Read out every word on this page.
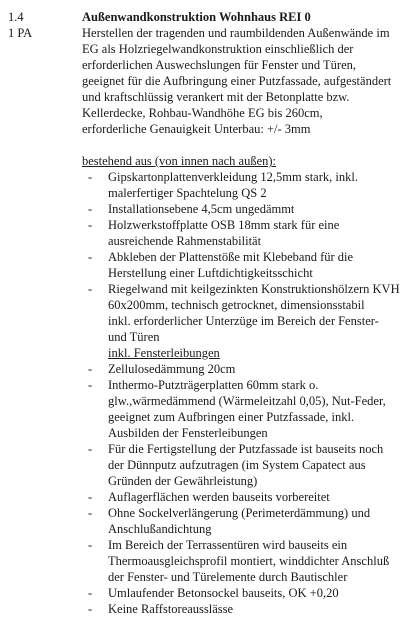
1.4
1 PA
Außenwandkonstruktion Wohnhaus REI 0
Herstellen der tragenden und raumbildenden Außenwände im EG als Holzriegelwandkonstruktion einschließlich der erforderlichen Auswechslungen für Fenster und Türen, geeignet für die Aufbringung einer Putzfassade, aufgeständert und kraftschlüssig verankert mit der Betonplatte bzw. Kellerdecke, Rohbau-Wandhöhe EG bis 260cm,
erforderliche Genauigkeit Unterbau: +/- 3mm
bestehend aus (von innen nach außen):
- Gipskartonplattenverkleidung 12,5mm stark, inkl. malerfertiger Spachtelung QS 2
- Installationsebene 4,5cm ungedämmt
- Holzwerkstoffplatte OSB 18mm stark für eine ausreichende Rahmenstabilität
- Abkleben der Plattenstöße mit Klebeband für die Herstellung einer Luftdichtigkeitsschicht
- Riegelwand mit keilgezinkten Konstruktionshölzern KVH 60x200mm, technisch getrocknet, dimensionsstabil
inkl. erforderlicher Unterzüge im Bereich der Fenster- und Türen
inkl. Fensterleibungen
- Zellulosedämmung 20cm
- Inthermo-Putzträgerplatten 60mm stark o. glw.,wärmedämmend (Wärmeleitzahl 0,05), Nut-Feder, geeignet zum Aufbringen einer Putzfassade, inkl. Ausbilden der Fensterleibungen
- Für die Fertigstellung der Putzfassade ist bauseits noch der Dünnputz aufzutragen (im System Capatect aus Gründen der Gewährleistung)
- Auflagerflächen werden bauseits vorbereitet
- Ohne Sockelverlängerung (Perimeterdämmung) und Anschlußandichtung
- Im Bereich der Terrassentüren wird bauseits ein Thermoausgleichsprofil montiert, winddichter Anschluß der Fenster- und Türelemente durch Bautischler
- Umlaufender Betonsockel bauseits, OK +0,20
- Keine Raffstoreausslässe
